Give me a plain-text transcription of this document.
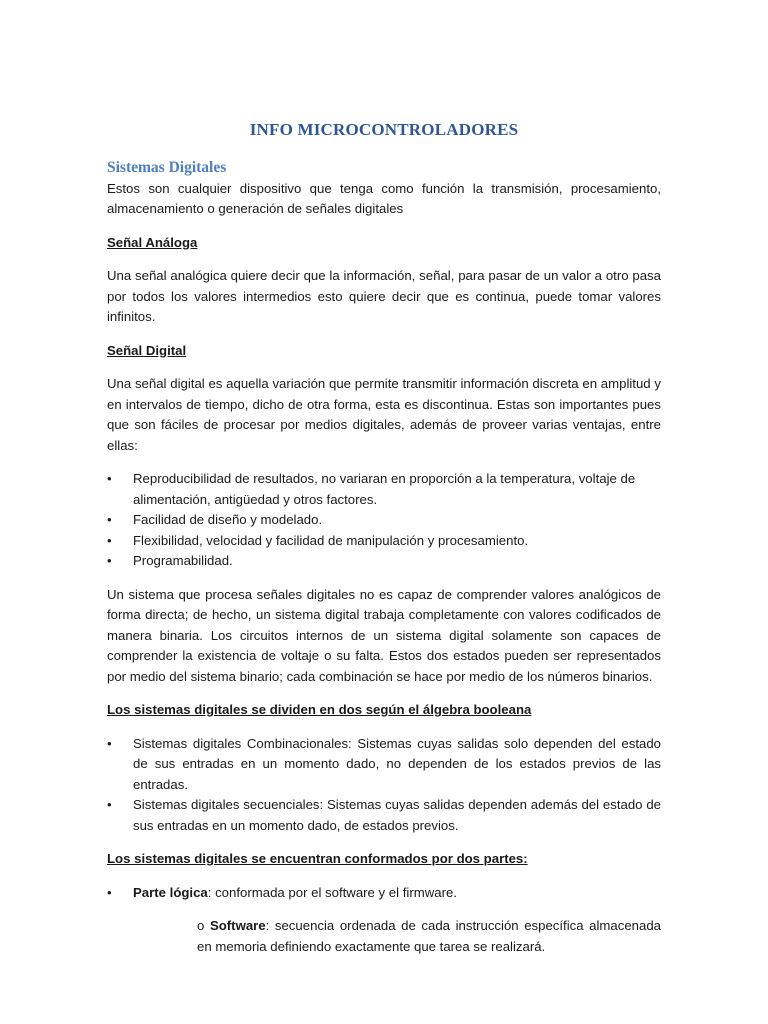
INFO MICROCONTROLADORES
Sistemas Digitales

Estos son cualquier dispositivo que tenga como función la transmisión, procesamiento, almacenamiento o generación de señales digitales

Señal Análoga

Una señal analógica quiere decir que la información, señal, para pasar de un valor a otro pasa por todos los valores intermedios esto quiere decir que es continua, puede tomar valores infinitos.

Señal Digital

Una señal digital es aquella variación que permite transmitir información discreta en amplitud y en intervalos de tiempo, dicho de otra forma, esta es discontinua. Estas son importantes pues que son fáciles de procesar por medios digitales, además de proveer varias ventajas, entre ellas:

•	Reproducibilidad de resultados, no variaran en proporción a la temperatura, voltaje de alimentación, antigüedad y otros factores.
•	Facilidad de diseño y modelado.
•	Flexibilidad, velocidad y facilidad de manipulación y procesamiento.
•	Programabilidad.

Un sistema que procesa señales digitales no es capaz de comprender valores analógicos de forma directa; de hecho, un sistema digital trabaja completamente con valores codificados de manera binaria. Los circuitos internos de un sistema digital solamente son capaces de comprender la existencia de voltaje o su falta. Estos dos estados pueden ser representados por medio del sistema binario; cada combinación se hace por medio de los números binarios.

Los sistemas digitales se dividen en dos según el álgebra booleana

•	Sistemas digitales Combinacionales: Sistemas cuyas salidas solo dependen del estado de sus entradas en un momento dado, no dependen de los estados previos de las entradas.
•	Sistemas digitales secuenciales: Sistemas cuyas salidas dependen además del estado de sus entradas en un momento dado, de estados previos.

Los sistemas digitales se encuentran conformados por dos partes:

•	Parte lógica: conformada por el software y el firmware.
o Software: secuencia ordenada de cada instrucción específica almacenada en memoria definiendo exactamente que tarea se realizará.
